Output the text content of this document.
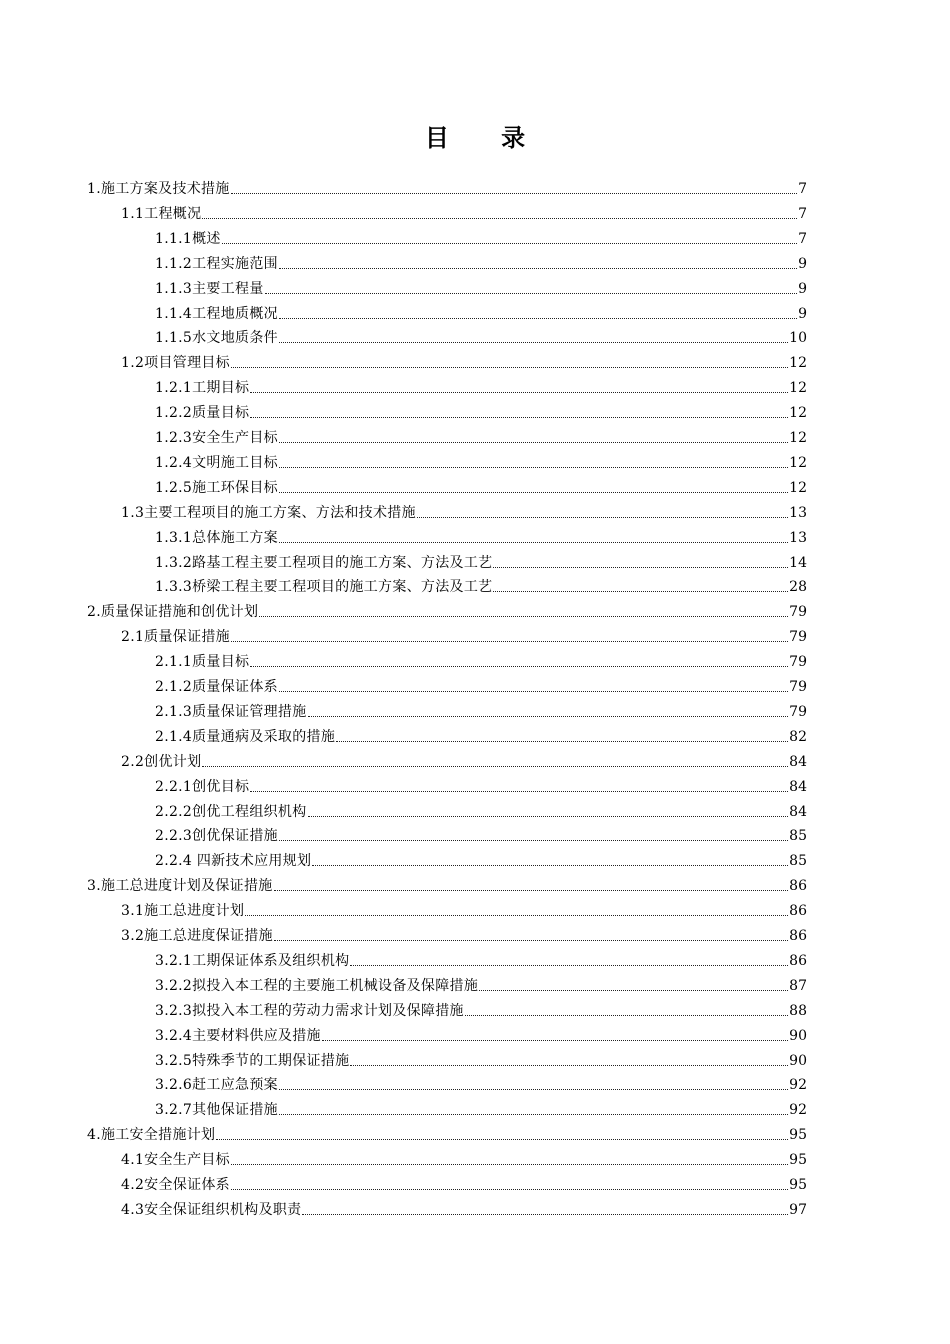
目 录
1.施工方案及技术措施	7
1.1工程概况	7
1.1.1概述	7
1.1.2工程实施范围	9
1.1.3主要工程量	9
1.1.4工程地质概况	9
1.1.5水文地质条件	10
1.2项目管理目标	12
1.2.1工期目标	12
1.2.2质量目标	12
1.2.3安全生产目标	12
1.2.4文明施工目标	12
1.2.5施工环保目标	12
1.3主要工程项目的施工方案、方法和技术措施	13
1.3.1总体施工方案	13
1.3.2路基工程主要工程项目的施工方案、方法及工艺	14
1.3.3桥梁工程主要工程项目的施工方案、方法及工艺	28
2.质量保证措施和创优计划	79
2.1质量保证措施	79
2.1.1质量目标	79
2.1.2质量保证体系	79
2.1.3质量保证管理措施	79
2.1.4质量通病及采取的措施	82
2.2创优计划	84
2.2.1创优目标	84
2.2.2创优工程组织机构	84
2.2.3创优保证措施	85
2.2.4 四新技术应用规划	85
3.施工总进度计划及保证措施	86
3.1施工总进度计划	86
3.2施工总进度保证措施	86
3.2.1工期保证体系及组织机构	86
3.2.2拟投入本工程的主要施工机械设备及保障措施	87
3.2.3拟投入本工程的劳动力需求计划及保障措施	88
3.2.4主要材料供应及措施	90
3.2.5特殊季节的工期保证措施	90
3.2.6赶工应急预案	92
3.2.7其他保证措施	92
4.施工安全措施计划	95
4.1安全生产目标	95
4.2安全保证体系	95
4.3安全保证组织机构及职责	97
